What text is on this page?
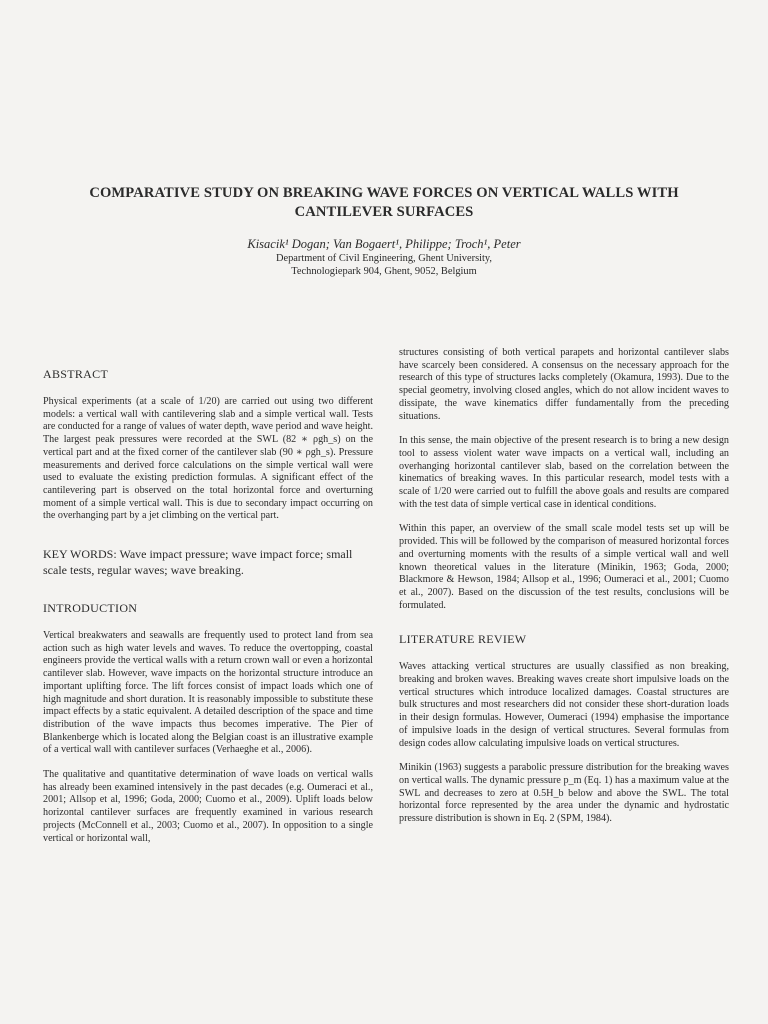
COMPARATIVE STUDY ON BREAKING WAVE FORCES ON VERTICAL WALLS WITH
CANTILEVER SURFACES
Kisacik¹ Dogan; Van Bogaert¹, Philippe; Troch¹, Peter
Department of Civil Engineering, Ghent University,
Technologiepark 904, Ghent, 9052, Belgium
ABSTRACT

Physical experiments (at a scale of 1/20) are carried out using two different models: a vertical wall with cantilevering slab and a simple vertical wall. Tests are conducted for a range of values of water depth, wave period and wave height. The largest peak pressures were recorded at the SWL (82 ∗ ρgh_s) on the vertical part and at the fixed corner of the cantilever slab (90 ∗ ρgh_s). Pressure measurements and derived force calculations on the simple vertical wall were used to evaluate the existing prediction formulas. A significant effect of the cantilevering part is observed on the total horizontal force and overturning moment of a simple vertical wall. This is due to secondary impact occurring on the overhanging part by a jet climbing on the vertical part.

KEY WORDS: Wave impact pressure; wave impact force; small scale tests, regular waves; wave breaking.

INTRODUCTION

Vertical breakwaters and seawalls are frequently used to protect land from sea action such as high water levels and waves. To reduce the overtopping, coastal engineers provide the vertical walls with a return crown wall or even a horizontal cantilever slab. However, wave impacts on the horizontal structure introduce an important uplifting force. The lift forces consist of impact loads which one of high magnitude and short duration. It is reasonably impossible to substitute these impact effects by a static equivalent. A detailed description of the space and time distribution of the wave impacts thus becomes imperative. The Pier of Blankenberge which is located along the Belgian coast is an illustrative example of a vertical wall with cantilever surfaces (Verhaeghe et al., 2006).

The qualitative and quantitative determination of wave loads on vertical walls has already been examined intensively in the past decades (e.g. Oumeraci et al., 2001; Allsop et al, 1996; Goda, 2000; Cuomo et al., 2009). Uplift loads below horizontal cantilever surfaces are frequently examined in various research projects (McConnell et al., 2003; Cuomo et al., 2007). In opposition to a single vertical or horizontal wall,

structures consisting of both vertical parapets and horizontal cantilever slabs have scarcely been considered. A consensus on the necessary approach for the research of this type of structures lacks completely (Okamura, 1993). Due to the special geometry, involving closed angles, which do not allow incident waves to dissipate, the wave kinematics differ fundamentally from the preceding situations.

In this sense, the main objective of the present research is to bring a new design tool to assess violent water wave impacts on a vertical wall, including an overhanging horizontal cantilever slab, based on the correlation between the kinematics of breaking waves. In this particular research, model tests with a scale of 1/20 were carried out to fulfill the above goals and results are compared with the test data of simple vertical case in identical conditions.

Within this paper, an overview of the small scale model tests set up will be provided. This will be followed by the comparison of measured horizontal forces and overturning moments with the results of a simple vertical wall and well known theoretical values in the literature (Minikin, 1963; Goda, 2000; Blackmore & Hewson, 1984; Allsop et al., 1996; Oumeraci et al., 2001; Cuomo et al., 2007). Based on the discussion of the test results, conclusions will be formulated.

LITERATURE REVIEW

Waves attacking vertical structures are usually classified as non breaking, breaking and broken waves. Breaking waves create short impulsive loads on the vertical structures which introduce localized damages. Coastal structures are bulk structures and most researchers did not consider these short-duration loads in their design formulas. However, Oumeraci (1994) emphasise the importance of impulsive loads in the design of vertical structures. Several formulas from design codes allow calculating impulsive loads on vertical structures.

Minikin (1963) suggests a parabolic pressure distribution for the breaking waves on vertical walls. The dynamic pressure p_m (Eq. 1) has a maximum value at the SWL and decreases to zero at 0.5H_b below and above the SWL. The total horizontal force represented by the area under the dynamic and hydrostatic pressure distribution is shown in Eq. 2 (SPM, 1984).
